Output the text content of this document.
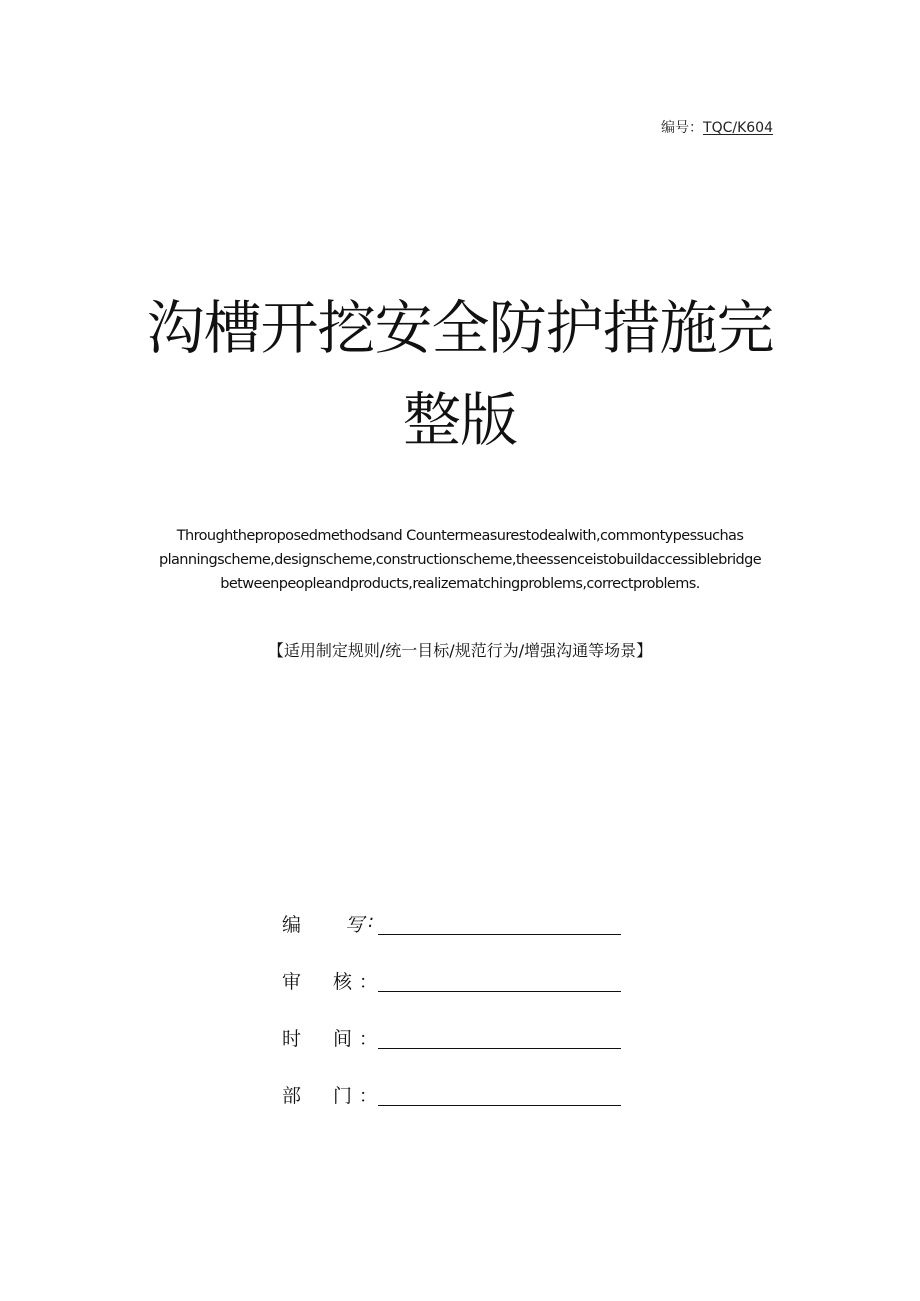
编号：TQC/K604
沟槽开挖安全防护措施完
整版
Throughtheproposedmethodsand Countermeasurestodealwith,commontypessuchas
planningscheme,designscheme,constructionscheme,theessenceistobuildaccessiblebridge
betweenpeopleandproducts,realizematchingproblems,correctproblems.
【适用制定规则/统一目标/规范行为/增强沟通等场景】
编 写 :
审 核 ：
时 间 ：
部 门 ：
